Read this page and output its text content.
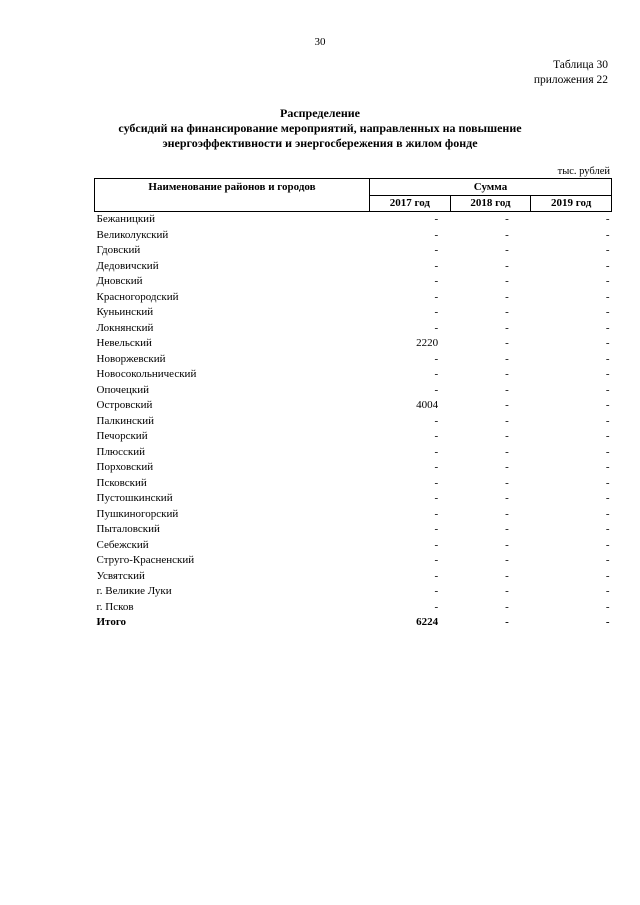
30
Таблица 30
приложения 22
Распределение
субсидий на финансирование мероприятий, направленных на повышение
энергоэффективности и энергосбережения в жилом фонде
тыс. рублей
Наименование районов и городов	Сумма		
	2017 год	2018 год	2019 год
Бежаницкий	-	-	-
Великолукский	-	-	-
Гдовский	-	-	-
Дедовичский	-	-	-
Дновский	-	-	-
Красногородский	-	-	-
Куньинский	-	-	-
Локнянский	-	-	-
Невельский	2220	-	-
Новоржевский	-	-	-
Новосокольнический	-	-	-
Опочецкий	-	-	-
Островский	4004	-	-
Палкинский	-	-	-
Печорский	-	-	-
Плюсский	-	-	-
Порховский	-	-	-
Псковский	-	-	-
Пустошкинский	-	-	-
Пушкиногорский	-	-	-
Пыталовский	-	-	-
Себежский	-	-	-
Струго-Красненский	-	-	-
Усвятский	-	-	-
г. Великие Луки	-	-	-
г. Псков	-	-	-
Итого	6224	-	-
